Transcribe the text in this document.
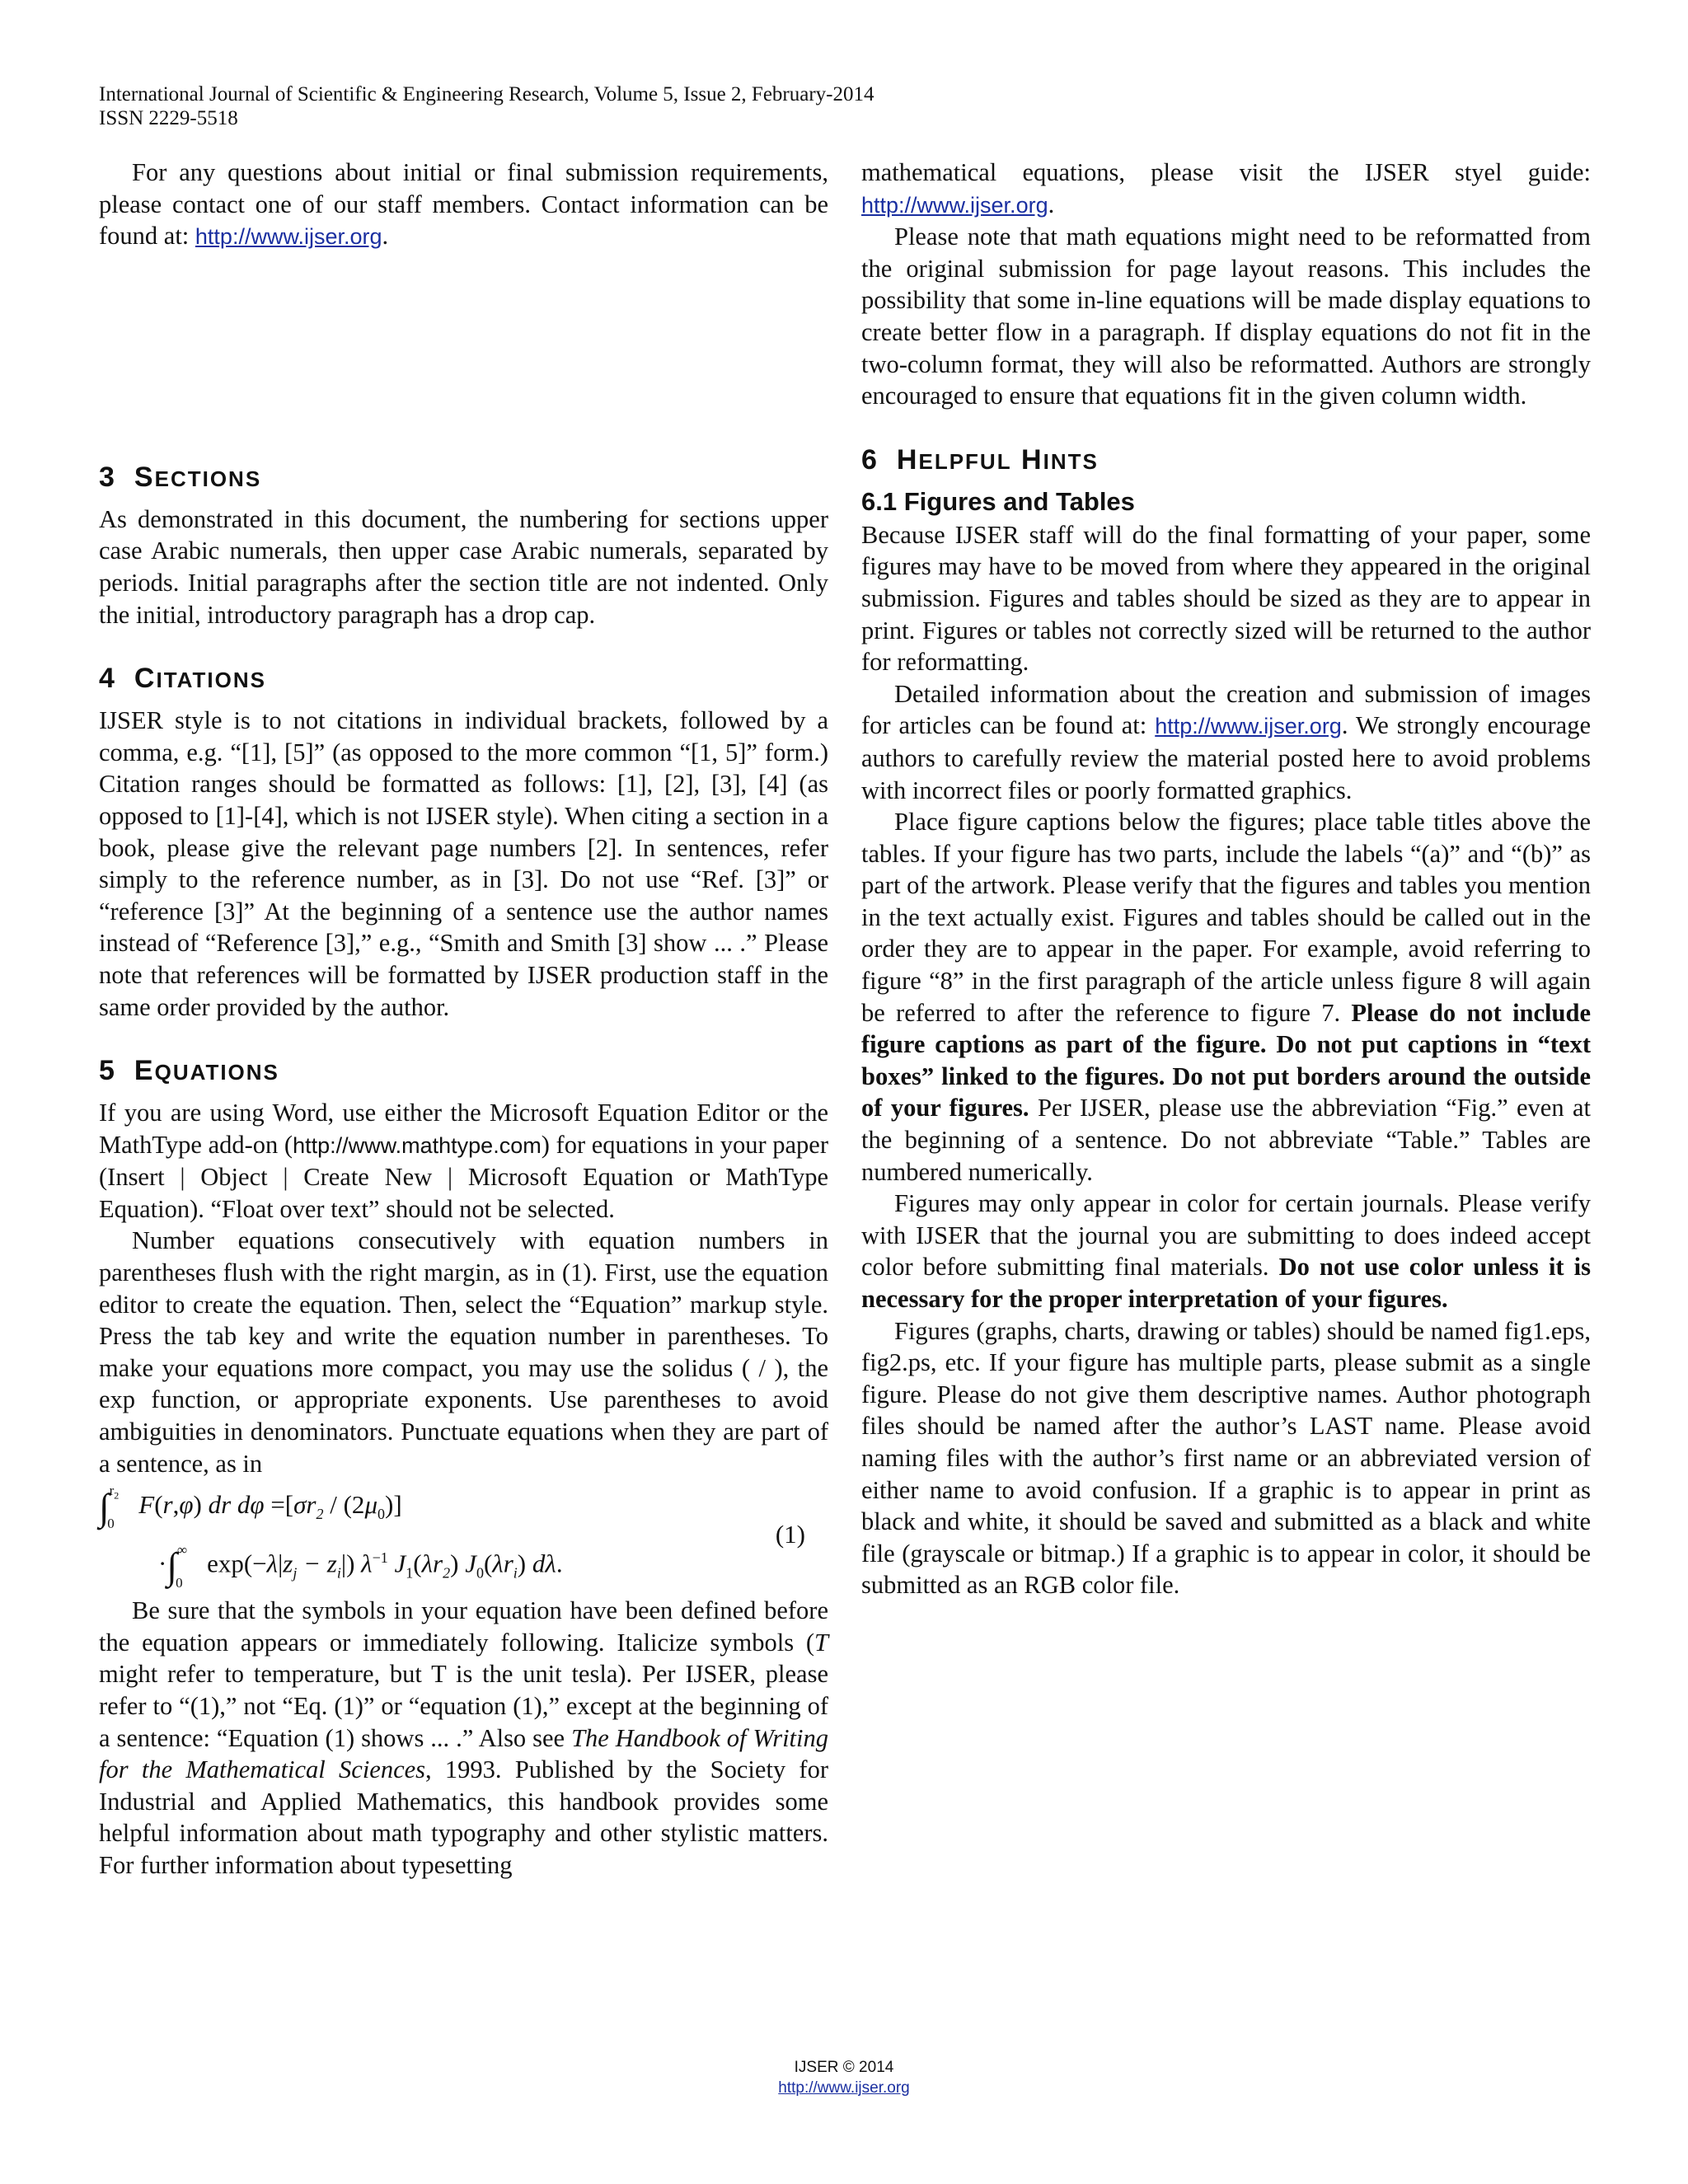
International Journal of Scientific & Engineering Research, Volume 5, Issue 2, February-2014
ISSN 2229-5518

For any questions about initial or final submission requirements, please contact one of our staff members. Contact information can be found at: http://www.ijser.org.

3 SECTIONS

As demonstrated in this document, the numbering for sections upper case Arabic numerals, then upper case Arabic numerals, separated by periods. Initial paragraphs after the section title are not indented. Only the initial, introductory paragraph has a drop cap.

4 CITATIONS

IJSER style is to not citations in individual brackets, followed by a comma, e.g. “[1], [5]” (as opposed to the more common “[1, 5]” form.) Citation ranges should be formatted as follows: [1], [2], [3], [4] (as opposed to [1]-[4], which is not IJSER style). When citing a section in a book, please give the relevant page numbers [2]. In sentences, refer simply to the reference number, as in [3]. Do not use “Ref. [3]” or “reference [3]” At the beginning of a sentence use the author names instead of “Reference [3],” e.g., “Smith and Smith [3] show ... .” Please note that references will be formatted by IJSER production staff in the same order provided by the author.

5 EQUATIONS

If you are using Word, use either the Microsoft Equation Editor or the MathType add-on (http://www.mathtype.com) for equations in your paper (Insert | Object | Create New | Microsoft Equation or MathType Equation). “Float over text” should not be selected.

Number equations consecutively with equation numbers in parentheses flush with the right margin, as in (1). First, use the equation editor to create the equation. Then, select the “Equation” markup style. Press the tab key and write the equation number in parentheses. To make your equations more compact, you may use the solidus ( / ), the exp function, or appropriate exponents. Use parentheses to avoid ambiguities in denominators. Punctuate equations when they are part of a sentence, as in

∫$^{r_2}_0$  F(r,φ) dr $d\varphi =[\sigma r_2 / (2\mu_0)]$
$\cdot\int^\infty_0$  $\exp(-\lambda|z_j - z_i|)$ $\lambda^{-1}$ $J_1(\lambda r_2)$ $J_0(\lambda r_i)$ dλ.
(1)

Be sure that the symbols in your equation have been defined before the equation appears or immediately following. Italicize symbols (T might refer to temperature, but T is the unit tesla). Per IJSER, please refer to “(1),” not “Eq. (1)” or “equation (1),” except at the beginning of a sentence: “Equation (1) shows ... .” Also see The Handbook of Writing for the Mathematical Sciences, 1993. Published by the Society for Industrial and Applied Mathematics, this handbook provides some helpful information about math typography and other stylistic matters. For further information about typesetting

mathematical equations, please visit the IJSER styel guide: http://www.ijser.org.

Please note that math equations might need to be reformatted from the original submission for page layout reasons. This includes the possibility that some in-line equations will be made display equations to create better flow in a paragraph. If display equations do not fit in the two-column format, they will also be reformatted. Authors are strongly encouraged to ensure that equations fit in the given column width.

6 HELPFUL HINTS
6.1 Figures and Tables

Because IJSER staff will do the final formatting of your paper, some figures may have to be moved from where they appeared in the original submission. Figures and tables should be sized as they are to appear in print. Figures or tables not correctly sized will be returned to the author for reformatting.

Detailed information about the creation and submission of images for articles can be found at: http://www.ijser.org. We strongly encourage authors to carefully review the material posted here to avoid problems with incorrect files or poorly formatted graphics.

Place figure captions below the figures; place table titles above the tables. If your figure has two parts, include the labels “(a)” and “(b)” as part of the artwork. Please verify that the figures and tables you mention in the text actually exist. Figures and tables should be called out in the order they are to appear in the paper. For example, avoid referring to figure “8” in the first paragraph of the article unless figure 8 will again be referred to after the reference to figure 7. Please do not include figure captions as part of the figure. Do not put captions in “text boxes” linked to the figures. Do not put borders around the outside of your figures. Per IJSER, please use the abbreviation “Fig.” even at the beginning of a sentence. Do not abbreviate “Table.” Tables are numbered numerically.

Figures may only appear in color for certain journals. Please verify with IJSER that the journal you are submitting to does indeed accept color before submitting final materials. Do not use color unless it is necessary for the proper interpretation of your figures.

Figures (graphs, charts, drawing or tables) should be named fig1.eps, fig2.ps, etc. If your figure has multiple parts, please submit as a single figure. Please do not give them descriptive names. Author photograph files should be named after the author’s LAST name. Please avoid naming files with the author’s first name or an abbreviated version of either name to avoid confusion. If a graphic is to appear in print as black and white, it should be saved and submitted as a black and white file (grayscale or bitmap.) If a graphic is to appear in color, it should be submitted as an RGB color file.

IJSER © 2014
http://www.ijser.org
